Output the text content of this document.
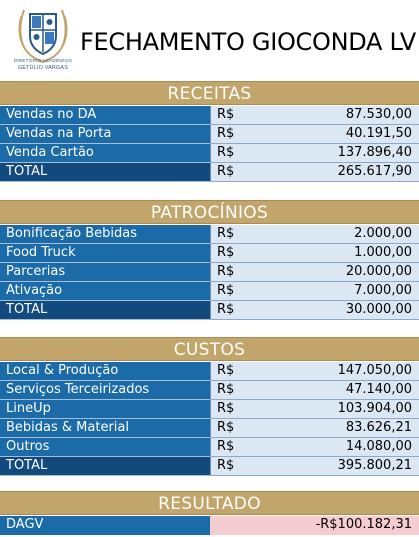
DIRETÓRIO ACADÊMICO
GETÚLIO VARGAS
FECHAMENTO GIOCONDA LV
RECEITAS
Vendas no DA	R$	87.530,00
Vendas na Porta	R$	40.191,50
Venda Cartão	R$	137.896,40
TOTAL	R$	265.617,90
PATROCÍNIOS
Bonificação Bebidas	R$	2.000,00
Food Truck	R$	1.000,00
Parcerias	R$	20.000,00
Ativação	R$	7.000,00
TOTAL	R$	30.000,00
CUSTOS
Local & Produção	R$	147.050,00
Serviços Terceirizados	R$	47.140,00
LineUp	R$	103.904,00
Bebidas & Material	R$	83.626,21
Outros	R$	14.080,00
TOTAL	R$	395.800,21
RESULTADO
DAGV	-R$100.182,31
